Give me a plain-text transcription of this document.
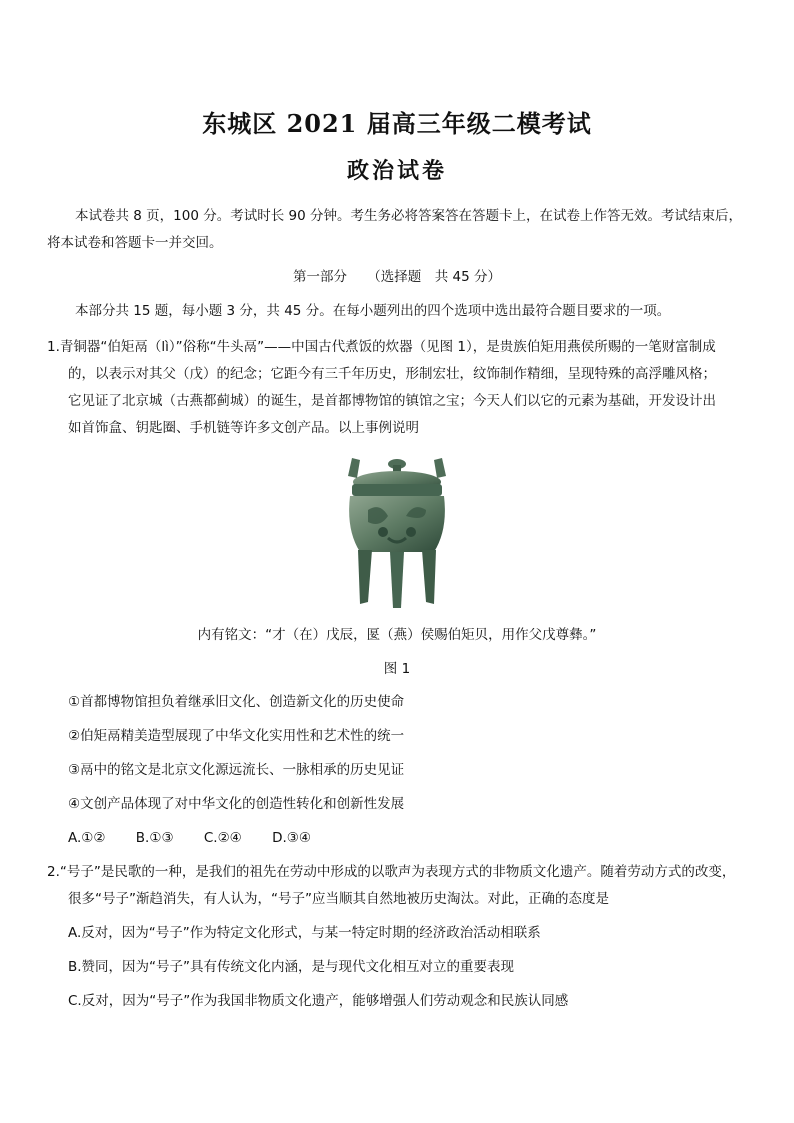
东城区 2021 届高三年级二模考试
政治试卷
本试卷共 8 页，100 分。考试时长 90 分钟。考生务必将答案答在答题卡上，在试卷上作答无效。考试结束后，
将本试卷和答题卡一并交回。
第一部分　　（选择题　共 45 分）
本部分共 15 题，每小题 3 分，共 45 分。在每小题列出的四个选项中选出最符合题目要求的一项。
1.青铜器“伯矩鬲（lì）”俗称“牛头鬲”——中国古代煮饭的炊器（见图 1），是贵族伯矩用燕侯所赐的一笔财富制成
的，以表示对其父（戊）的纪念；它距今有三千年历史，形制宏壮，纹饰制作精细，呈现特殊的高浮雕风格；
它见证了北京城（古燕都蓟城）的诞生，是首都博物馆的镇馆之宝；今天人们以它的元素为基础，开发设计出
如首饰盒、钥匙圈、手机链等许多文创产品。以上事例说明
内有铭文：“才（在）戊辰，匽（燕）侯赐伯矩贝，用作父戊尊彝。”
图 1
①首都博物馆担负着继承旧文化、创造新文化的历史使命
②伯矩鬲精美造型展现了中华文化实用性和艺术性的统一
③鬲中的铭文是北京文化源远流长、一脉相承的历史见证
④文创产品体现了对中华文化的创造性转化和创新性发展
A.①② B.①③ C.②④ D.③④
2.“号子”是民歌的一种，是我们的祖先在劳动中形成的以歌声为表现方式的非物质文化遗产。随着劳动方式的改变，
很多“号子”渐趋消失，有人认为，“号子”应当顺其自然地被历史淘汰。对此，正确的态度是
A.反对，因为“号子”作为特定文化形式，与某一特定时期的经济政治活动相联系
B.赞同，因为“号子”具有传统文化内涵，是与现代文化相互对立的重要表现
C.反对，因为“号子”作为我国非物质文化遗产，能够增强人们劳动观念和民族认同感
